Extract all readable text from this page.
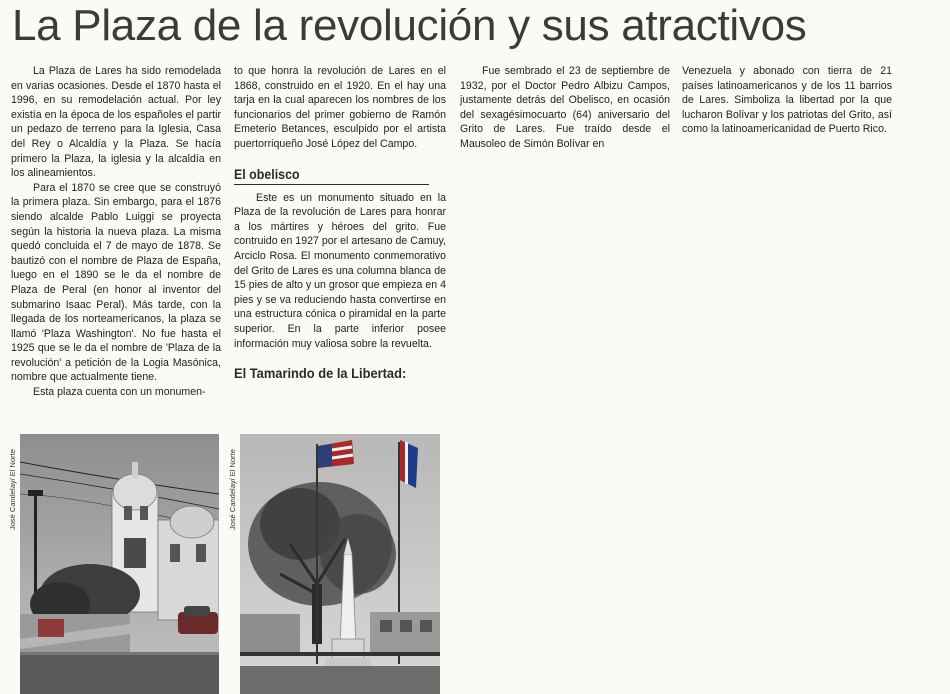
La Plaza de la revolución y sus atractivos

La Plaza de Lares ha sido remodelada en varias ocasiones. Desde el 1870 hasta el 1996, en su remodelación actual. Por ley existía en la época de los españoles el partir un pedazo de terreno para la Iglesia, Casa del Rey o Alcaldía y la Plaza. Se hacía primero la Plaza, la iglesia y la alcaldía en los alineamientos.

Para el 1870 se cree que se construyó la primera plaza. Sin embargo, para el 1876 siendo alcalde Pablo Luiggi se proyecta según la historia la nueva plaza. La misma quedó concluida el 7 de mayo de 1878. Se bautizó con el nombre de Plaza de España, luego en el 1890 se le da el nombre de Plaza de Peral (en honor al inventor del submarino Isaac Peral). Más tarde, con la llegada de los norteamericanos, la plaza se llamó 'Plaza Washington'. No fue hasta el 1925 que se le da el nombre de 'Plaza de la revolución' a petición de la Logia Masónica, nombre que actualmente tiene.

Esta plaza cuenta con un monumen-

to que honra la revolución de Lares en el 1868, construido en el 1920. En el hay una tarja en la cual aparecen los nombres de los funcionarios del primer gobierno de Ramón Emeterio Betances, esculpido por el artista puertorriqueño José López del Campo.

El obelisco

Este es un monumento situado en la Plaza de la revolución de Lares para honrar a los mártires y héroes del grito. Fue contruido en 1927 por el artesano de Camuy, Arciclo Rosa. El monumento conmemorativo del Grito de Lares es una columna blanca de 15 pies de alto y un grosor que empieza en 4 pies y se va reduciendo hasta convertirse en una estructura cónica o piramidal en la parte superior. En la parte inferior posee información muy valiosa sobre la revuelta.

El Tamarindo de la Libertad:

Fue sembrado el 23 de septiembre de 1932, por el Doctor Pedro Albizu Campos, justamente detrás del Obelisco, en ocasión del sexagésimocuarto (64) aniversario del Grito de Lares. Fue traído desde el Mausoleo de Simón Bolívar en

Venezuela y abonado con tierra de 21 países latinoamericanos y de los 11 barrios de Lares. Simboliza la libertad por la que lucharon Bolívar y los patriotas del Grito, así como la latinoamericanidad de Puerto Rico.

José Candelay/ El Norte	José Candelay/ El Norte
